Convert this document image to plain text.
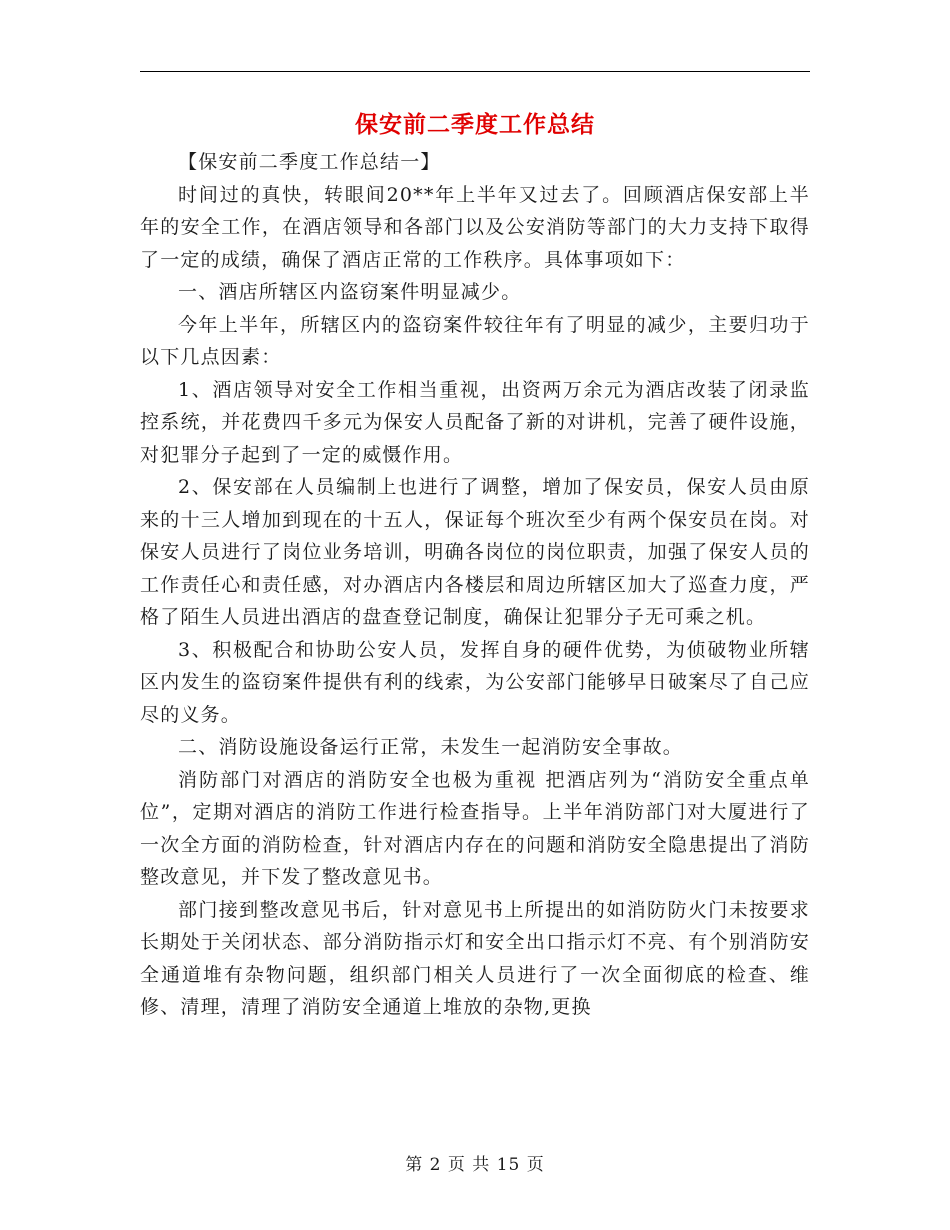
保安前二季度工作总结

【保安前二季度工作总结一】

时间过的真快，转眼间20**年上半年又过去了。回顾酒店保安部上半年的安全工作，在酒店领导和各部门以及公安消防等部门的大力支持下取得了一定的成绩，确保了酒店正常的工作秩序。具体事项如下：

一、酒店所辖区内盗窃案件明显减少。

今年上半年，所辖区内的盗窃案件较往年有了明显的减少，主要归功于以下几点因素：

1、酒店领导对安全工作相当重视，出资两万余元为酒店改装了闭录监控系统，并花费四千多元为保安人员配备了新的对讲机，完善了硬件设施，对犯罪分子起到了一定的威慑作用。

2、保安部在人员编制上也进行了调整，增加了保安员，保安人员由原来的十三人增加到现在的十五人，保证每个班次至少有两个保安员在岗。对保安人员进行了岗位业务培训，明确各岗位的岗位职责，加强了保安人员的工作责任心和责任感，对办酒店内各楼层和周边所辖区加大了巡查力度，严格了陌生人员进出酒店的盘查登记制度，确保让犯罪分子无可乘之机。

3、积极配合和协助公安人员，发挥自身的硬件优势，为侦破物业所辖区内发生的盗窃案件提供有利的线索，为公安部门能够早日破案尽了自己应尽的义务。

二、消防设施设备运行正常，未发生一起消防安全事故。

消防部门对酒店的消防安全也极为重视 把酒店列为“消防安全重点单位”，定期对酒店的消防工作进行检查指导。上半年消防部门对大厦进行了一次全方面的消防检查，针对酒店内存在的问题和消防安全隐患提出了消防整改意见，并下发了整改意见书。

部门接到整改意见书后，针对意见书上所提出的如消防防火门未按要求长期处于关闭状态、部分消防指示灯和安全出口指示灯不亮、有个别消防安全通道堆有杂物问题，组织部门相关人员进行了一次全面彻底的检查、维修、清理，清理了消防安全通道上堆放的杂物,更换

第 2 页 共 15 页
